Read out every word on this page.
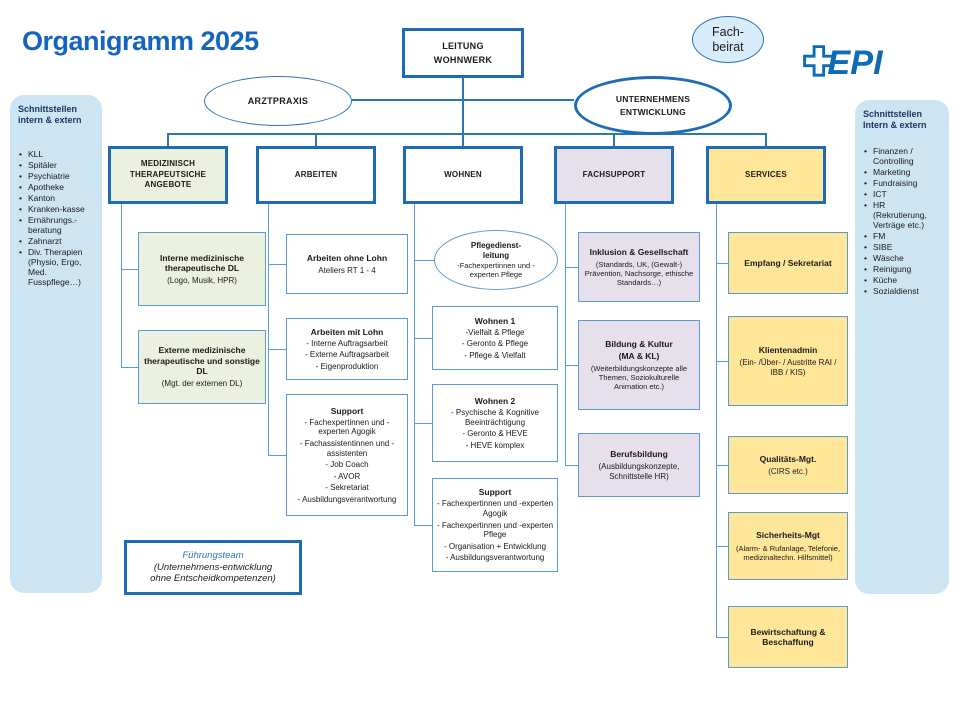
Organigramm 2025
EPI
LEITUNG
WOHNWERK
ARZTPRAXIS	UNTERNEHMENS
ENTWICKLUNG
Fach-
beirat
Schnittstellen
intern & extern
• KLL
• Spitäler
• Psychiatrie
• Apotheke
• Kanton
• Kranken-kasse
• Ernährungs.-beratung
• Zahnarzt
• Div. Therapien (Physio, Ergo, Med. Fusspflege…)
Schnittstellen
Intern & extern
• Finanzen / Controlling
• Marketing
• Fundraising
• ICT
• HR (Rekrutierung, Verträge etc.)
• FM
• SIBE
• Wäsche
• Reinigung
• Küche
• Sozialdienst
MEDIZINISCH THERAPEUTSICHE ANGEBOTE
ARBEITEN	WOHNEN	FACHSUPPORT	SERVICES
Interne medizinische therapeutische DL
(Logo, Musik, HPR)
Externe medizinische therapeutische und sonstige DL
(Mgt. der externen DL)
Arbeiten ohne Lohn
Ateliers RT 1 - 4
Arbeiten mit Lohn
- Interne Auftragsarbeit
- Externe Auftragsarbeit
- Eigenproduktion
Support
- Fachexpertinnen und -experten Agogik
- Fachassistentinnen und -assistenten
- Job Coach
- AVOR
- Sekretariat
- Ausbildungsverantwortung
Pflegedienst-
leitung
-Fachexpertinnen und -experten Pflege
Wohnen 1
-Vielfalt & Pflege
- Geronto & Pflege
- Pflege & Vielfalt
Wohnen 2
- Psychische & Kognitive Beeinträchtigung
- Geronto & HEVE
- HEVE komplex
Support
- Fachexpertinnen und -experten Agogik
- Fachexpertinnen und -experten Pflege
- Organisation + Entwicklung
- Ausbildungsverantwortung
Inklusion & Gesellschaft
(Standards, UK, (Gewalt-) Prävention, Nachsorge, ethische Standards…)
Bildung & Kultur
(MA & KL)
(Weiterbildungskonzepte alle Themen, Soziokulturelle Animation etc.)
Berufsbildung
(Ausbildungskonzepte, Schnittstelle HR)
Empfang / Sekretariat
Klientenadmin
(Ein- /Über- / Austritte RAI / IBB / KIS)
Qualitäts-Mgt.
(CIRS etc.)
Sicherheits-Mgt
(Alarm- & Rufanlage, Telefonie, medizinaltechn. Hilfsmittel)
Bewirtschaftung & Beschaffung
Führungsteam
(Unternehmens-entwicklung
ohne Entscheidkompetenzen)
